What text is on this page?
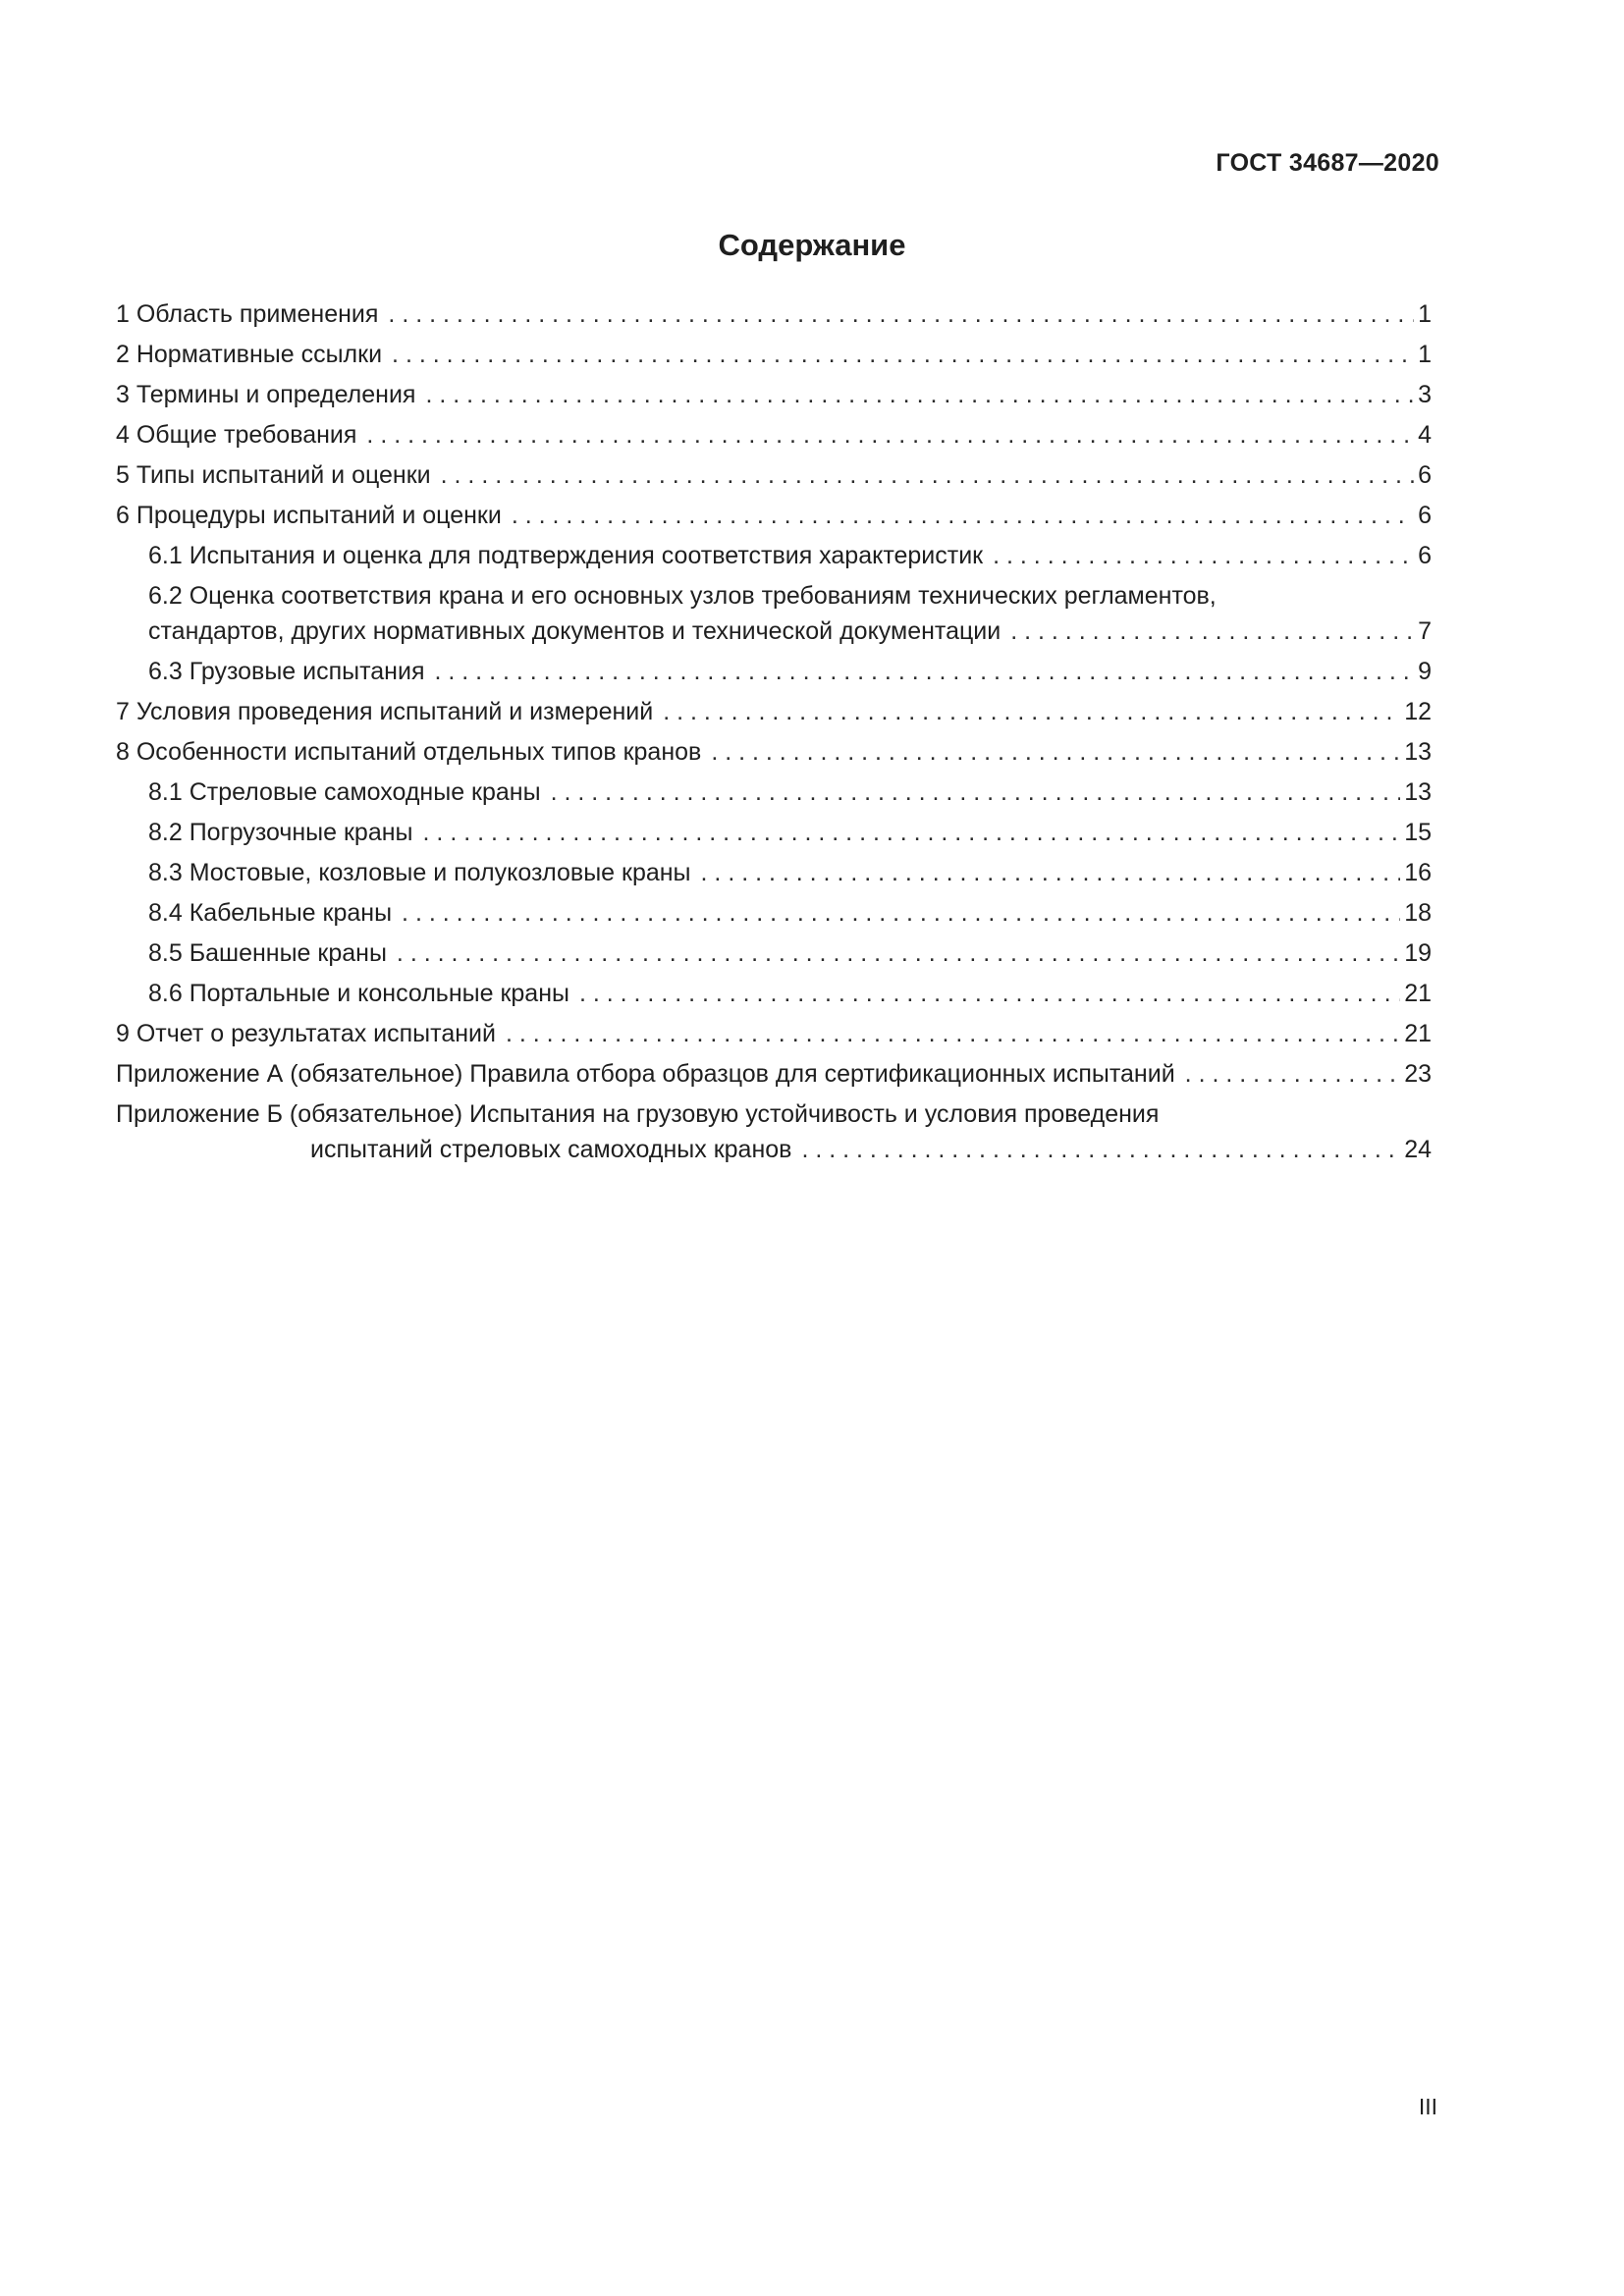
ГОСТ 34687—2020
Содержание
1 Область применения . . .	1
2 Нормативные ссылки . . .	1
3 Термины и определения . . .	3
4 Общие требования . . .	4
5 Типы испытаний и оценки . . .	6
6 Процедуры испытаний и оценки . . .	6
6.1 Испытания и оценка для подтверждения соответствия характеристик . . .	6
6.2 Оценка соответствия крана и его основных узлов требованиям технических регламентов,
стандартов, других нормативных документов и технической документации . . .	7
6.3 Грузовые испытания . . .	9
7 Условия проведения испытаний и измерений . . .	12
8 Особенности испытаний отдельных типов кранов . . .	13
8.1 Стреловые самоходные краны . . .	13
8.2 Погрузочные краны . . .	15
8.3 Мостовые, козловые и полукозловые краны . . .	16
8.4 Кабельные краны . . .	18
8.5 Башенные краны . . .	19
8.6 Портальные и консольные краны . . .	21
9 Отчет о результатах испытаний . . .	21
Приложение А (обязательное) Правила отбора образцов для сертификационных испытаний . . .	23
Приложение Б (обязательное) Испытания на грузовую устойчивость и условия проведения
испытаний стреловых самоходных кранов . . .	24
III
